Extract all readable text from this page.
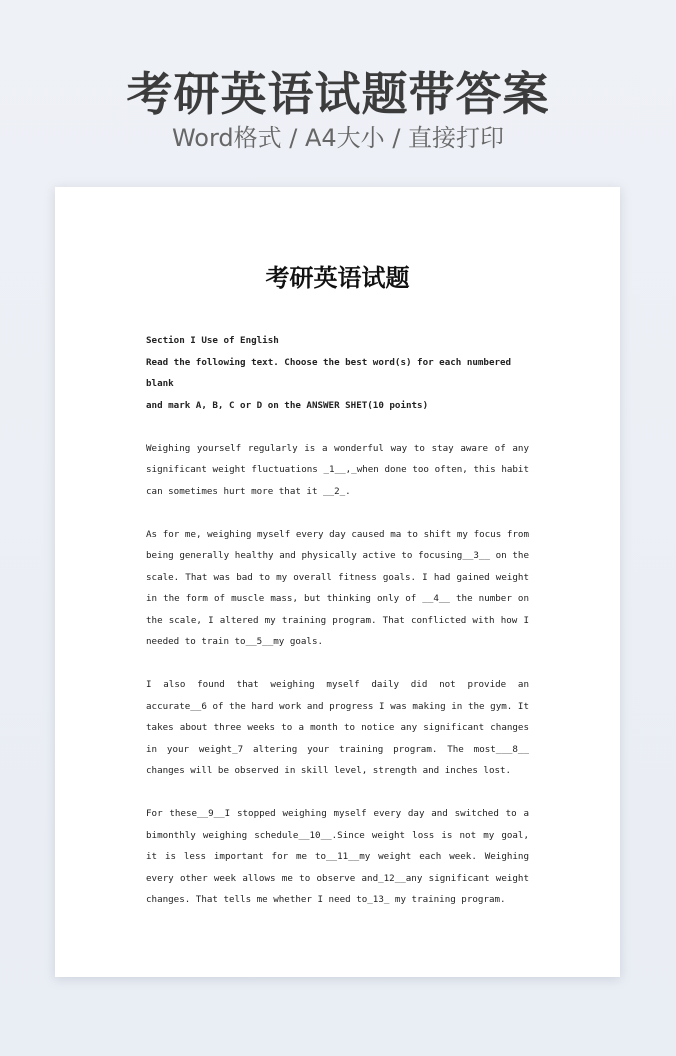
考研英语试题带答案
Word格式 / A4大小 / 直接打印
考研英语试题
Section I Use of English
Read the following text. Choose the best word(s) for each numbered blank
and mark A, B, C or D on the ANSWER SHET(10 points)

Weighing yourself regularly is a wonderful way to stay aware of any significant weight fluctuations _1__,_when done too often, this habit can sometimes hurt more that it __2_.

As for me, weighing myself every day caused ma to shift my focus from being generally healthy and physically active to focusing__3__ on the scale. That was bad to my overall fitness goals. I had gained weight in the form of muscle mass, but thinking only of __4__ the number on the scale, I altered my training program. That conflicted with how I needed to train to__5__my goals.

I also found that weighing myself daily did not provide an accurate__6 of the hard work and progress I was making in the gym. It takes about three weeks to a month to notice any significant changes in your weight_7 altering your training program. The most___8__ changes will be observed in skill level, strength and inches lost.

For these__9__I stopped weighing myself every day and switched to a bimonthly weighing schedule__10__.Since weight loss is not my goal, it is less important for me to__11__my weight each week. Weighing every other week allows me to observe and_12__any significant weight changes. That tells me whether I need to_13_ my training program.
